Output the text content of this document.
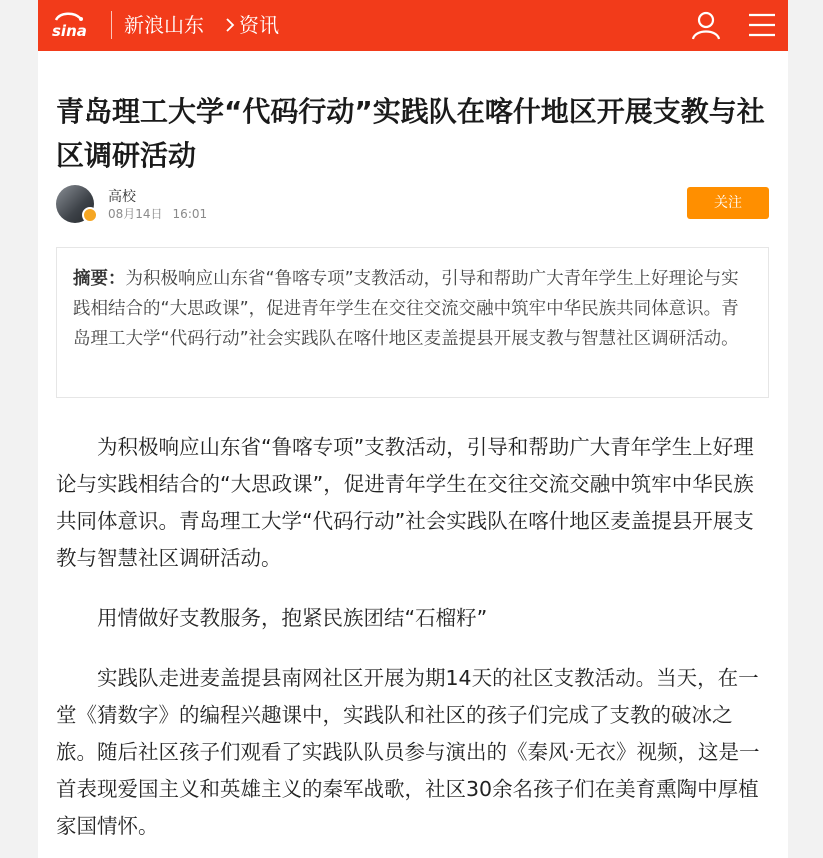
sina 新浪山东 资讯
青岛理工大学“代码行动”实践队在喀什地区开展支教与社区调研活动
高校
08月14日 16:01
关注
摘要：为积极响应山东省“鲁喀专项”支教活动，引导和帮助广大青年学生上好理论与实践相结合的“大思政课”，促进青年学生在交往交流交融中筑牢中华民族共同体意识。青岛理工大学“代码行动”社会实践队在喀什地区麦盖提县开展支教与智慧社区调研活动。

为积极响应山东省“鲁喀专项”支教活动，引导和帮助广大青年学生上好理论与实践相结合的“大思政课”，促进青年学生在交往交流交融中筑牢中华民族共同体意识。青岛理工大学“代码行动”社会实践队在喀什地区麦盖提县开展支教与智慧社区调研活动。

用情做好支教服务，抱紧民族团结“石榴籽”

实践队走进麦盖提县南网社区开展为期14天的社区支教活动。当天，在一堂《猜数字》的编程兴趣课中，实践队和社区的孩子们完成了支教的破冰之旅。随后社区孩子们观看了实践队队员参与演出的《秦风·无衣》视频，这是一首表现爱国主义和英雄主义的秦军战歌，社区30余名孩子们在美育熏陶中厚植家国情怀。
